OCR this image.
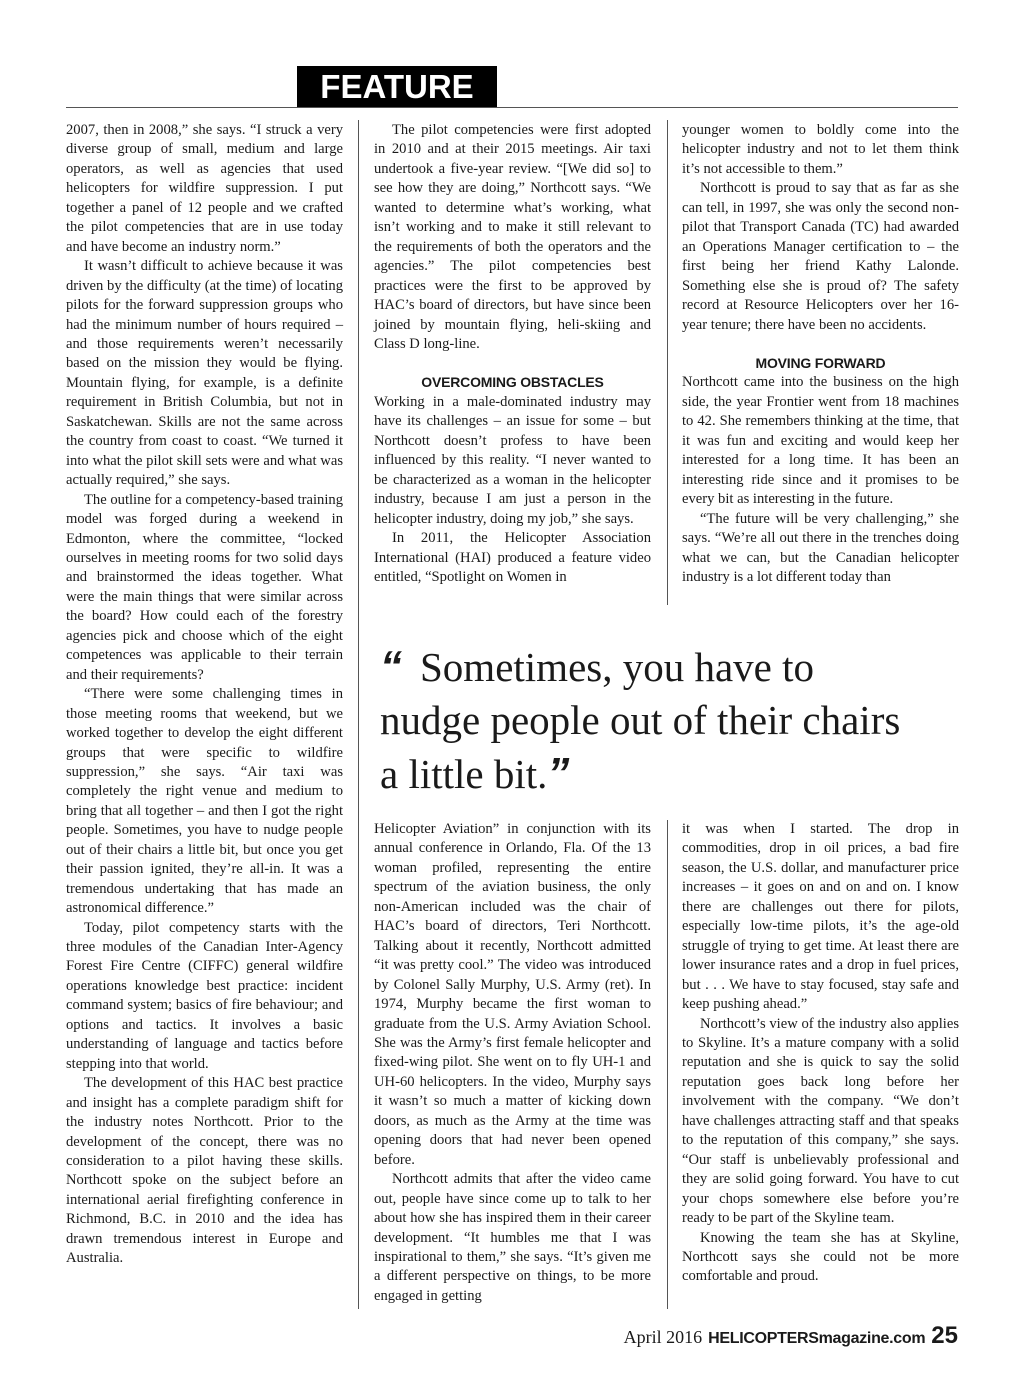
FEATURE

2007, then in 2008,” she says. “I struck a very diverse group of small, medium and large operators, as well as agencies that used helicopters for wildfire suppression. I put together a panel of 12 people and we crafted the pilot competencies that are in use today and have become an industry norm.”

It wasn’t difficult to achieve because it was driven by the difficulty (at the time) of locating pilots for the forward suppression groups who had the minimum number of hours required – and those requirements weren’t necessarily based on the mission they would be flying. Mountain flying, for example, is a definite requirement in British Columbia, but not in Saskatchewan. Skills are not the same across the country from coast to coast. “We turned it into what the pilot skill sets were and what was actually required,” she says.

The outline for a competency-based training model was forged during a weekend in Edmonton, where the committee, “locked ourselves in meeting rooms for two solid days and brainstormed the ideas together. What were the main things that were similar across the board? How could each of the forestry agencies pick and choose which of the eight competences was applicable to their terrain and their requirements?

“There were some challenging times in those meeting rooms that weekend, but we worked together to develop the eight different groups that were specific to wildfire suppression,” she says. “Air taxi was completely the right venue and medium to bring that all together – and then I got the right people. Sometimes, you have to nudge people out of their chairs a little bit, but once you get their passion ignited, they’re all-in. It was a tremendous undertaking that has made an astronomical difference.”

Today, pilot competency starts with the three modules of the Canadian Inter-Agency Forest Fire Centre (CIFFC) general wildfire operations knowledge best practice: incident command system; basics of fire behaviour; and options and tactics. It involves a basic understanding of language and tactics before stepping into that world.

The development of this HAC best practice and insight has a complete paradigm shift for the industry notes Northcott. Prior to the development of the concept, there was no consideration to a pilot having these skills. Northcott spoke on the subject before an international aerial firefighting conference in Richmond, B.C. in 2010 and the idea has drawn tremendous interest in Europe and Australia.

The pilot competencies were first adopted in 2010 and at their 2015 meetings. Air taxi undertook a five-year review. “[We did so] to see how they are doing,” Northcott says. “We wanted to determine what’s working, what isn’t working and to make it still relevant to the requirements of both the operators and the agencies.” The pilot competencies best practices were the first to be approved by HAC’s board of directors, but have since been joined by mountain flying, heli-skiing and Class D long-line.

OVERCOMING OBSTACLES

Working in a male-dominated industry may have its challenges – an issue for some – but Northcott doesn’t profess to have been influenced by this reality. “I never wanted to be characterized as a woman in the helicopter industry, because I am just a person in the helicopter industry, doing my job,” she says.

In 2011, the Helicopter Association International (HAI) produced a feature video entitled, “Spotlight on Women in

younger women to boldly come into the helicopter industry and not to let them think it’s not accessible to them.”

Northcott is proud to say that as far as she can tell, in 1997, she was only the second non-pilot that Transport Canada (TC) had awarded an Operations Manager certification to – the first being her friend Kathy Lalonde. Something else she is proud of? The safety record at Resource Helicopters over her 16-year tenure; there have been no accidents.

MOVING FORWARD

Northcott came into the business on the high side, the year Frontier went from 18 machines to 42. She remembers thinking at the time, that it was fun and exciting and would keep her interested for a long time. It has been an interesting ride since and it promises to be every bit as interesting in the future.

“The future will be very challenging,” she says. “We’re all out there in the trenches doing what we can, but the Canadian helicopter industry is a lot different today than

“ Sometimes, you have to
nudge people out of their chairs
a little bit.”

Helicopter Aviation” in conjunction with its annual conference in Orlando, Fla. Of the 13 woman profiled, representing the entire spectrum of the aviation business, the only non-American included was the chair of HAC’s board of directors, Teri Northcott. Talking about it recently, Northcott admitted “it was pretty cool.” The video was introduced by Colonel Sally Murphy, U.S. Army (ret). In 1974, Murphy became the first woman to graduate from the U.S. Army Aviation School. She was the Army’s first female helicopter and fixed-wing pilot. She went on to fly UH-1 and UH-60 helicopters. In the video, Murphy says it wasn’t so much a matter of kicking down doors, as much as the Army at the time was opening doors that had never been opened before.

Northcott admits that after the video came out, people have since come up to talk to her about how she has inspired them in their career development. “It humbles me that I was inspirational to them,” she says. “It’s given me a different perspective on things, to be more engaged in getting

it was when I started. The drop in commodities, drop in oil prices, a bad fire season, the U.S. dollar, and manufacturer price increases – it goes on and on and on. I know there are challenges out there for pilots, especially low-time pilots, it’s the age-old struggle of trying to get time. At least there are lower insurance rates and a drop in fuel prices, but . . . We have to stay focused, stay safe and keep pushing ahead.”

Northcott’s view of the industry also applies to Skyline. It’s a mature company with a solid reputation and she is quick to say the solid reputation goes back long before her involvement with the company. “We don’t have challenges attracting staff and that speaks to the reputation of this company,” she says. “Our staff is unbelievably professional and they are solid going forward. You have to cut your chops somewhere else before you’re ready to be part of the Skyline team.

Knowing the team she has at Skyline, Northcott says she could not be more comfortable and proud.

April 2016 HELICOPTERSmagazine.com 25
